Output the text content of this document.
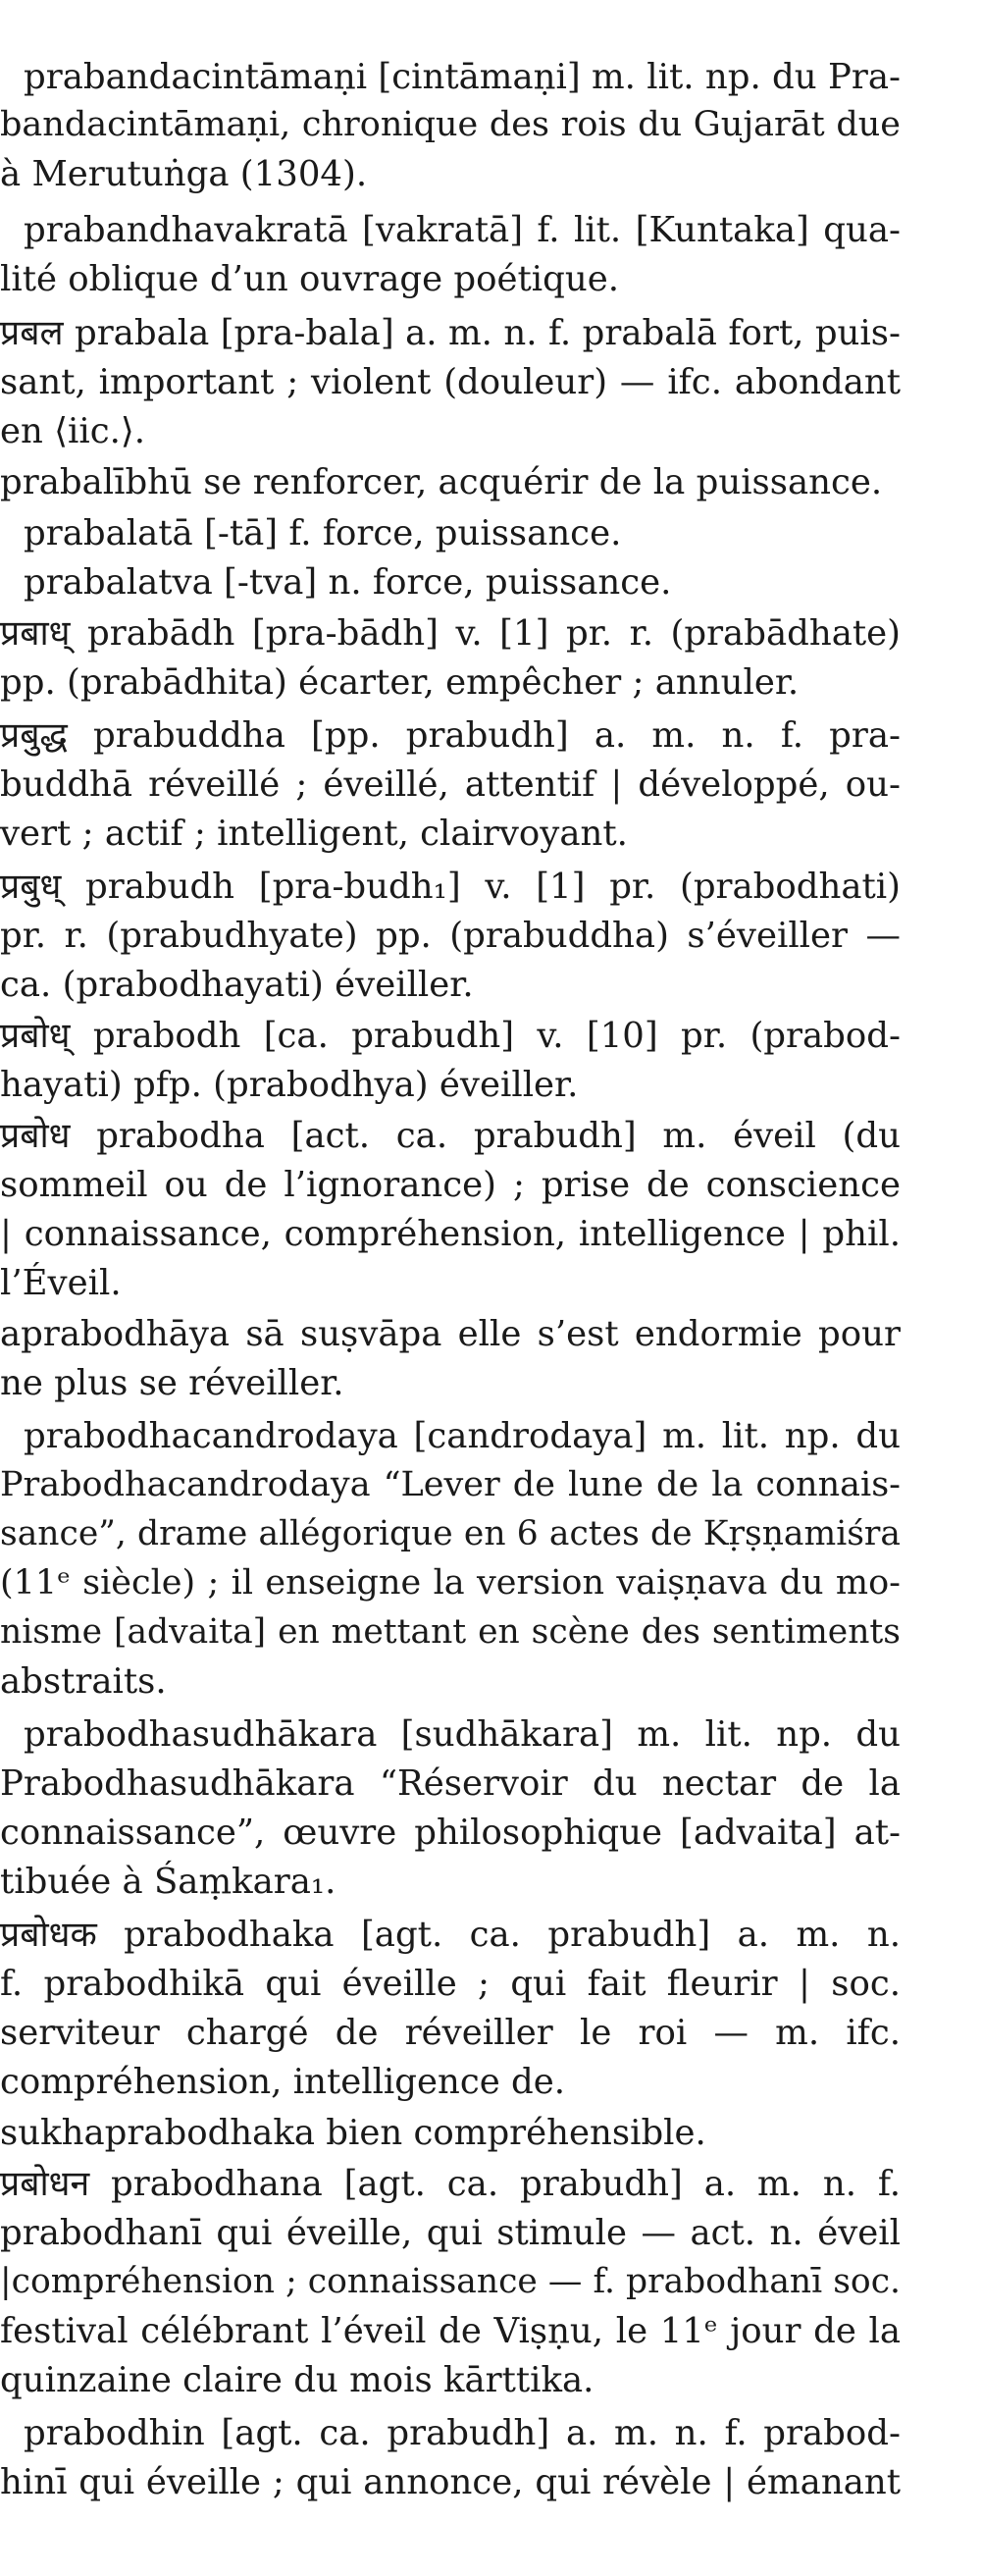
prabandacintāmaṇi [cintāmaṇi] m. lit. np. du Pra-
bandacintāmaṇi, chronique des rois du Gujarāt due
à Merutuṅga (1304).
prabandhavakratā [vakratā] f. lit. [Kuntaka] qua-
lité oblique d’un ouvrage poétique.
प्रबल prabala [pra-bala] a. m. n. f. prabalā fort, puis-
sant, important ; violent (douleur) — ifc. abondant
en ⟨iic.⟩.
prabalībhū se renforcer, acquérir de la puissance.
prabalatā [-tā] f. force, puissance.
prabalatva [-tva] n. force, puissance.
प्रबाध् prabādh [pra-bādh] v. [1] pr. r. (prabādhate)
pp. (prabādhita) écarter, empêcher ; annuler.
प्रबुद्ध prabuddha [pp. prabudh] a. m. n. f. pra-
buddhā réveillé ; éveillé, attentif | développé, ou-
vert ; actif ; intelligent, clairvoyant.
प्रबुध् prabudh [pra-budh₁] v. [1] pr. (prabodhati)
pr. r. (prabudhyate) pp. (prabuddha) s’éveiller —
ca. (prabodhayati) éveiller.
प्रबोध् prabodh [ca. prabudh] v. [10] pr. (prabod-
hayati) pfp. (prabodhya) éveiller.
प्रबोध prabodha [act. ca. prabudh] m. éveil (du
sommeil ou de l’ignorance) ; prise de conscience
| connaissance, compréhension, intelligence | phil.
l’Éveil.
aprabodhāya sā suṣvāpa elle s’est endormie pour
ne plus se réveiller.
prabodhacandrodaya [candrodaya] m. lit. np. du
Prabodhacandrodaya “Lever de lune de la connais-
sance”, drame allégorique en 6 actes de Kṛṣṇamiśra
(11ᵉ siècle) ; il enseigne la version vaiṣṇava du mo-
nisme [advaita] en mettant en scène des sentiments
abstraits.
prabodhasudhākara [sudhākara] m. lit. np. du
Prabodhasudhākara “Réservoir du nectar de la
connaissance”, œuvre philosophique [advaita] at-
tibuée à Śaṃkara₁.
प्रबोधक prabodhaka [agt. ca. prabudh] a. m. n.
f. prabodhikā qui éveille ; qui fait fleurir | soc.
serviteur chargé de réveiller le roi — m. ifc.
compréhension, intelligence de.
sukhaprabodhaka bien compréhensible.
प्रबोधन prabodhana [agt. ca. prabudh] a. m. n. f.
prabodhanī qui éveille, qui stimule — act. n. éveil
|compréhension ; connaissance — f. prabodhanī soc.
festival célébrant l’éveil de Viṣṇu, le 11ᵉ jour de la
quinzaine claire du mois kārttika.
prabodhin [agt. ca. prabudh] a. m. n. f. prabod-
hinī qui éveille ; qui annonce, qui révèle | émanant
